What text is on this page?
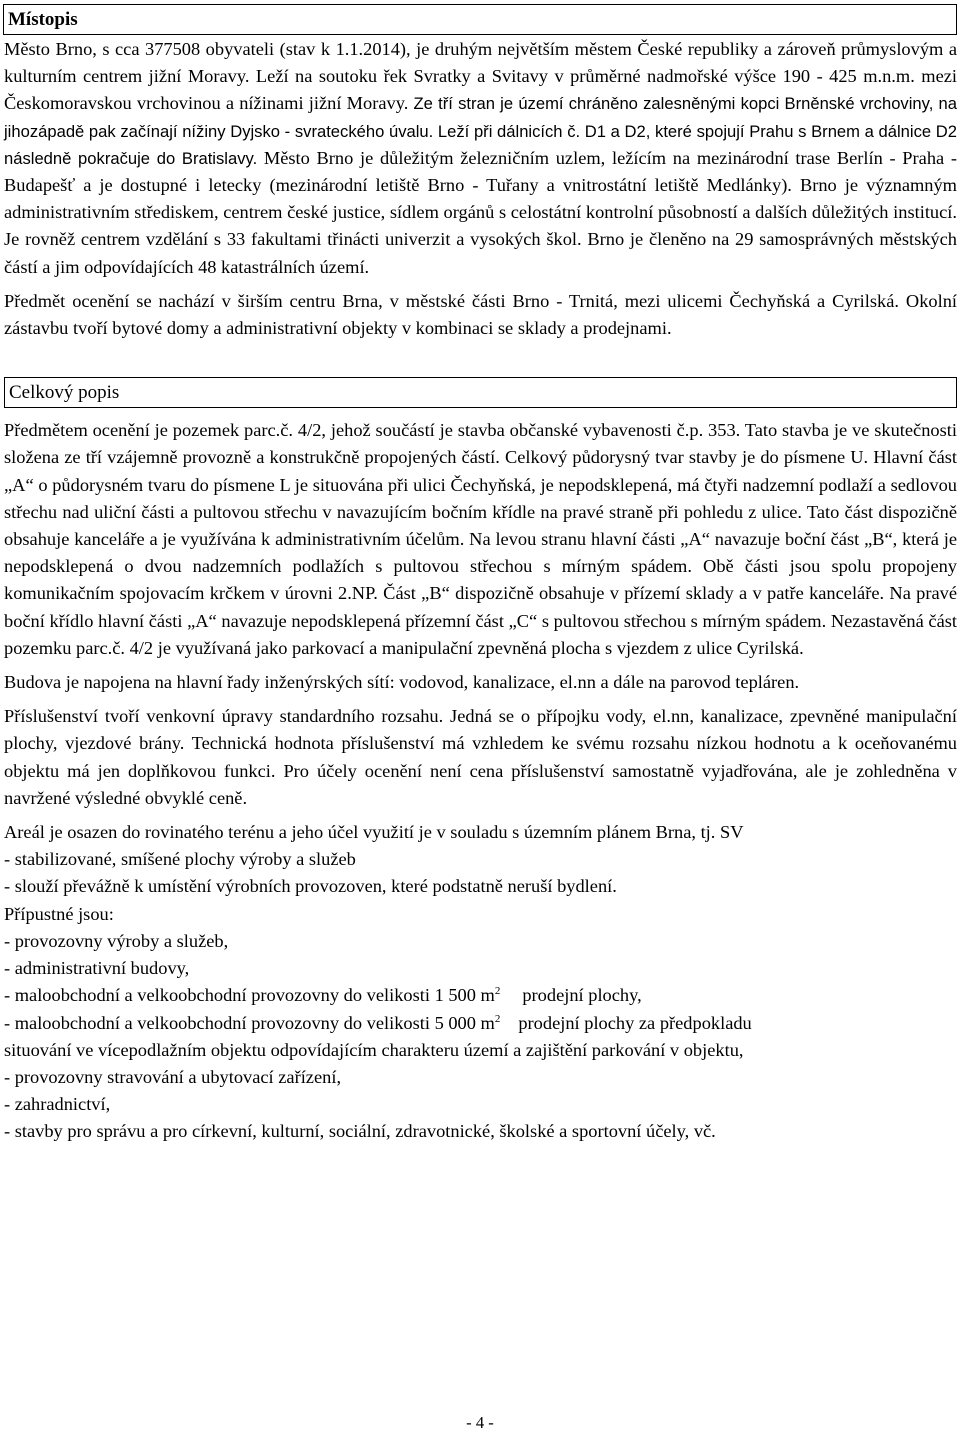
Místopis

Město Brno, s cca 377508 obyvateli (stav k 1.1.2014), je druhým největším městem České republiky a zároveň průmyslovým a kulturním centrem jižní Moravy. Leží na soutoku řek Svratky a Svitavy v průměrné nadmořské výšce 190 - 425 m.n.m. mezi Českomoravskou vrchovinou a nížinami jižní Moravy. Ze tří stran je území chráněno zalesněnými kopci Brněnské vrchoviny, na jihozápadě pak začínají nížiny Dyjsko - svrateckého úvalu. Leží při dálnicích č. D1 a D2, které spojují Prahu s Brnem a dálnice D2 následně pokračuje do Bratislavy. Město Brno je důležitým železničním uzlem, ležícím na mezinárodní trase Berlín - Praha - Budapešť a je dostupné i letecky (mezinárodní letiště Brno - Tuřany a vnitrostátní letiště Medlánky). Brno je významným administrativním střediskem, centrem české justice, sídlem orgánů s celostátní kontrolní působností a dalších důležitých institucí. Je rovněž centrem vzdělání s 33 fakultami třinácti univerzit a vysokých škol. Brno je členěno na 29 samosprávných městských částí a jim odpovídajících 48 katastrálních území.

Předmět ocenění se nachází v širším centru Brna, v městské části Brno - Trnitá, mezi ulicemi Čechyňská a Cyrilská. Okolní zástavbu tvoří bytové domy a administrativní objekty v kombinaci se sklady a prodejnami.

Celkový popis

Předmětem ocenění je pozemek parc.č. 4/2, jehož součástí je stavba občanské vybavenosti č.p. 353. Tato stavba je ve skutečnosti složena ze tří vzájemně provozně a konstrukčně propojených částí. Celkový půdorysný tvar stavby je do písmene U. Hlavní část „A“ o půdorysném tvaru do písmene L je situována při ulici Čechyňská, je nepodsklepená, má čtyři nadzemní podlaží a sedlovou střechu nad uliční části a pultovou střechu v navazujícím bočním křídle na pravé straně při pohledu z ulice. Tato část dispozičně obsahuje kanceláře a je využívána k administrativním účelům. Na levou stranu hlavní části „A“ navazuje boční část „B“, která je nepodsklepená o dvou nadzemních podlažích s pultovou střechou s mírným spádem. Obě části jsou spolu propojeny komunikačním spojovacím krčkem v úrovni 2.NP. Část „B“ dispozičně obsahuje v přízemí sklady a v patře kanceláře. Na pravé boční křídlo hlavní části „A“ navazuje nepodsklepená přízemní část „C“ s pultovou střechou s mírným spádem. Nezastavěná část pozemku parc.č. 4/2 je využívaná jako parkovací a manipulační zpevněná plocha s vjezdem z ulice Cyrilská.

Budova je napojena na hlavní řady inženýrských sítí: vodovod, kanalizace, el.nn a dále na parovod tepláren.

Příslušenství tvoří venkovní úpravy standardního rozsahu. Jedná se o přípojku vody, el.nn, kanalizace, zpevněné manipulační plochy, vjezdové brány. Technická hodnota příslušenství má vzhledem ke svému rozsahu nízkou hodnotu a k oceňovanému objektu má jen doplňkovou funkci. Pro účely ocenění není cena příslušenství samostatně vyjadřována, ale je zohledněna v navržené výsledné obvyklé ceně.

Areál je osazen do rovinatého terénu a jeho účel využití je v souladu s územním plánem Brna, tj. SV

- stabilizované, smíšené plochy výroby a služeb
- slouží převážně k umístění výrobních provozoven, které podstatně neruší bydlení.
Přípustné jsou:
- provozovny výroby a služeb,
- administrativní budovy,
- maloobchodní a velkoobchodní provozovny do velikosti 1 500 $m^2$ prodejní plochy,
- maloobchodní a velkoobchodní provozovny do velikosti 5 000 $m^2$ prodejní plochy za předpokladu
situování ve vícepodlažním objektu odpovídajícím charakteru území a zajištění parkování v objektu,
- provozovny stravování a ubytovací zařízení,
- zahradnictví,
- stavby pro správu a pro církevní, kulturní, sociální, zdravotnické, školské a sportovní účely, vč.
- 4 -
